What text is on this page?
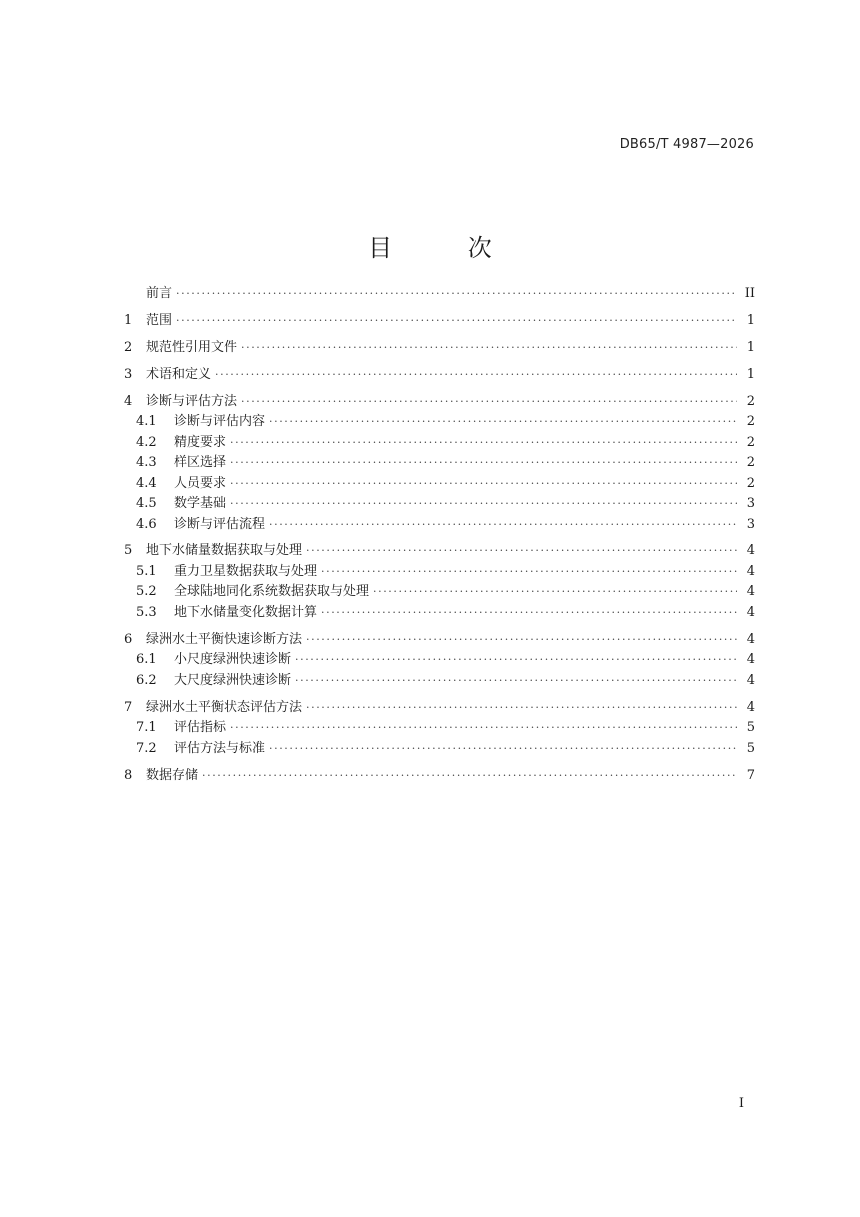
DB65/T 4987—2026
目 次
前言 ·····	II
1	范围 ·····	1
2	规范性引用文件 ·····	1
3	术语和定义 ·····	1
4	诊断与评估方法 ·····	2
4.1	诊断与评估内容 ·····	2
4.2	精度要求 ·····	2
4.3	样区选择 ·····	2
4.4	人员要求 ·····	2
4.5	数学基础 ·····	3
4.6	诊断与评估流程 ·····	3
5	地下水储量数据获取与处理 ·····	4
5.1	重力卫星数据获取与处理 ·····	4
5.2	全球陆地同化系统数据获取与处理 ·····	4
5.3	地下水储量变化数据计算 ·····	4
6	绿洲水土平衡快速诊断方法 ·····	4
6.1	小尺度绿洲快速诊断 ·····	4
6.2	大尺度绿洲快速诊断 ·····	4
7	绿洲水土平衡状态评估方法 ·····	4
7.1	评估指标 ·····	5
7.2	评估方法与标准 ·····	5
8	数据存储 ·····	7
I
